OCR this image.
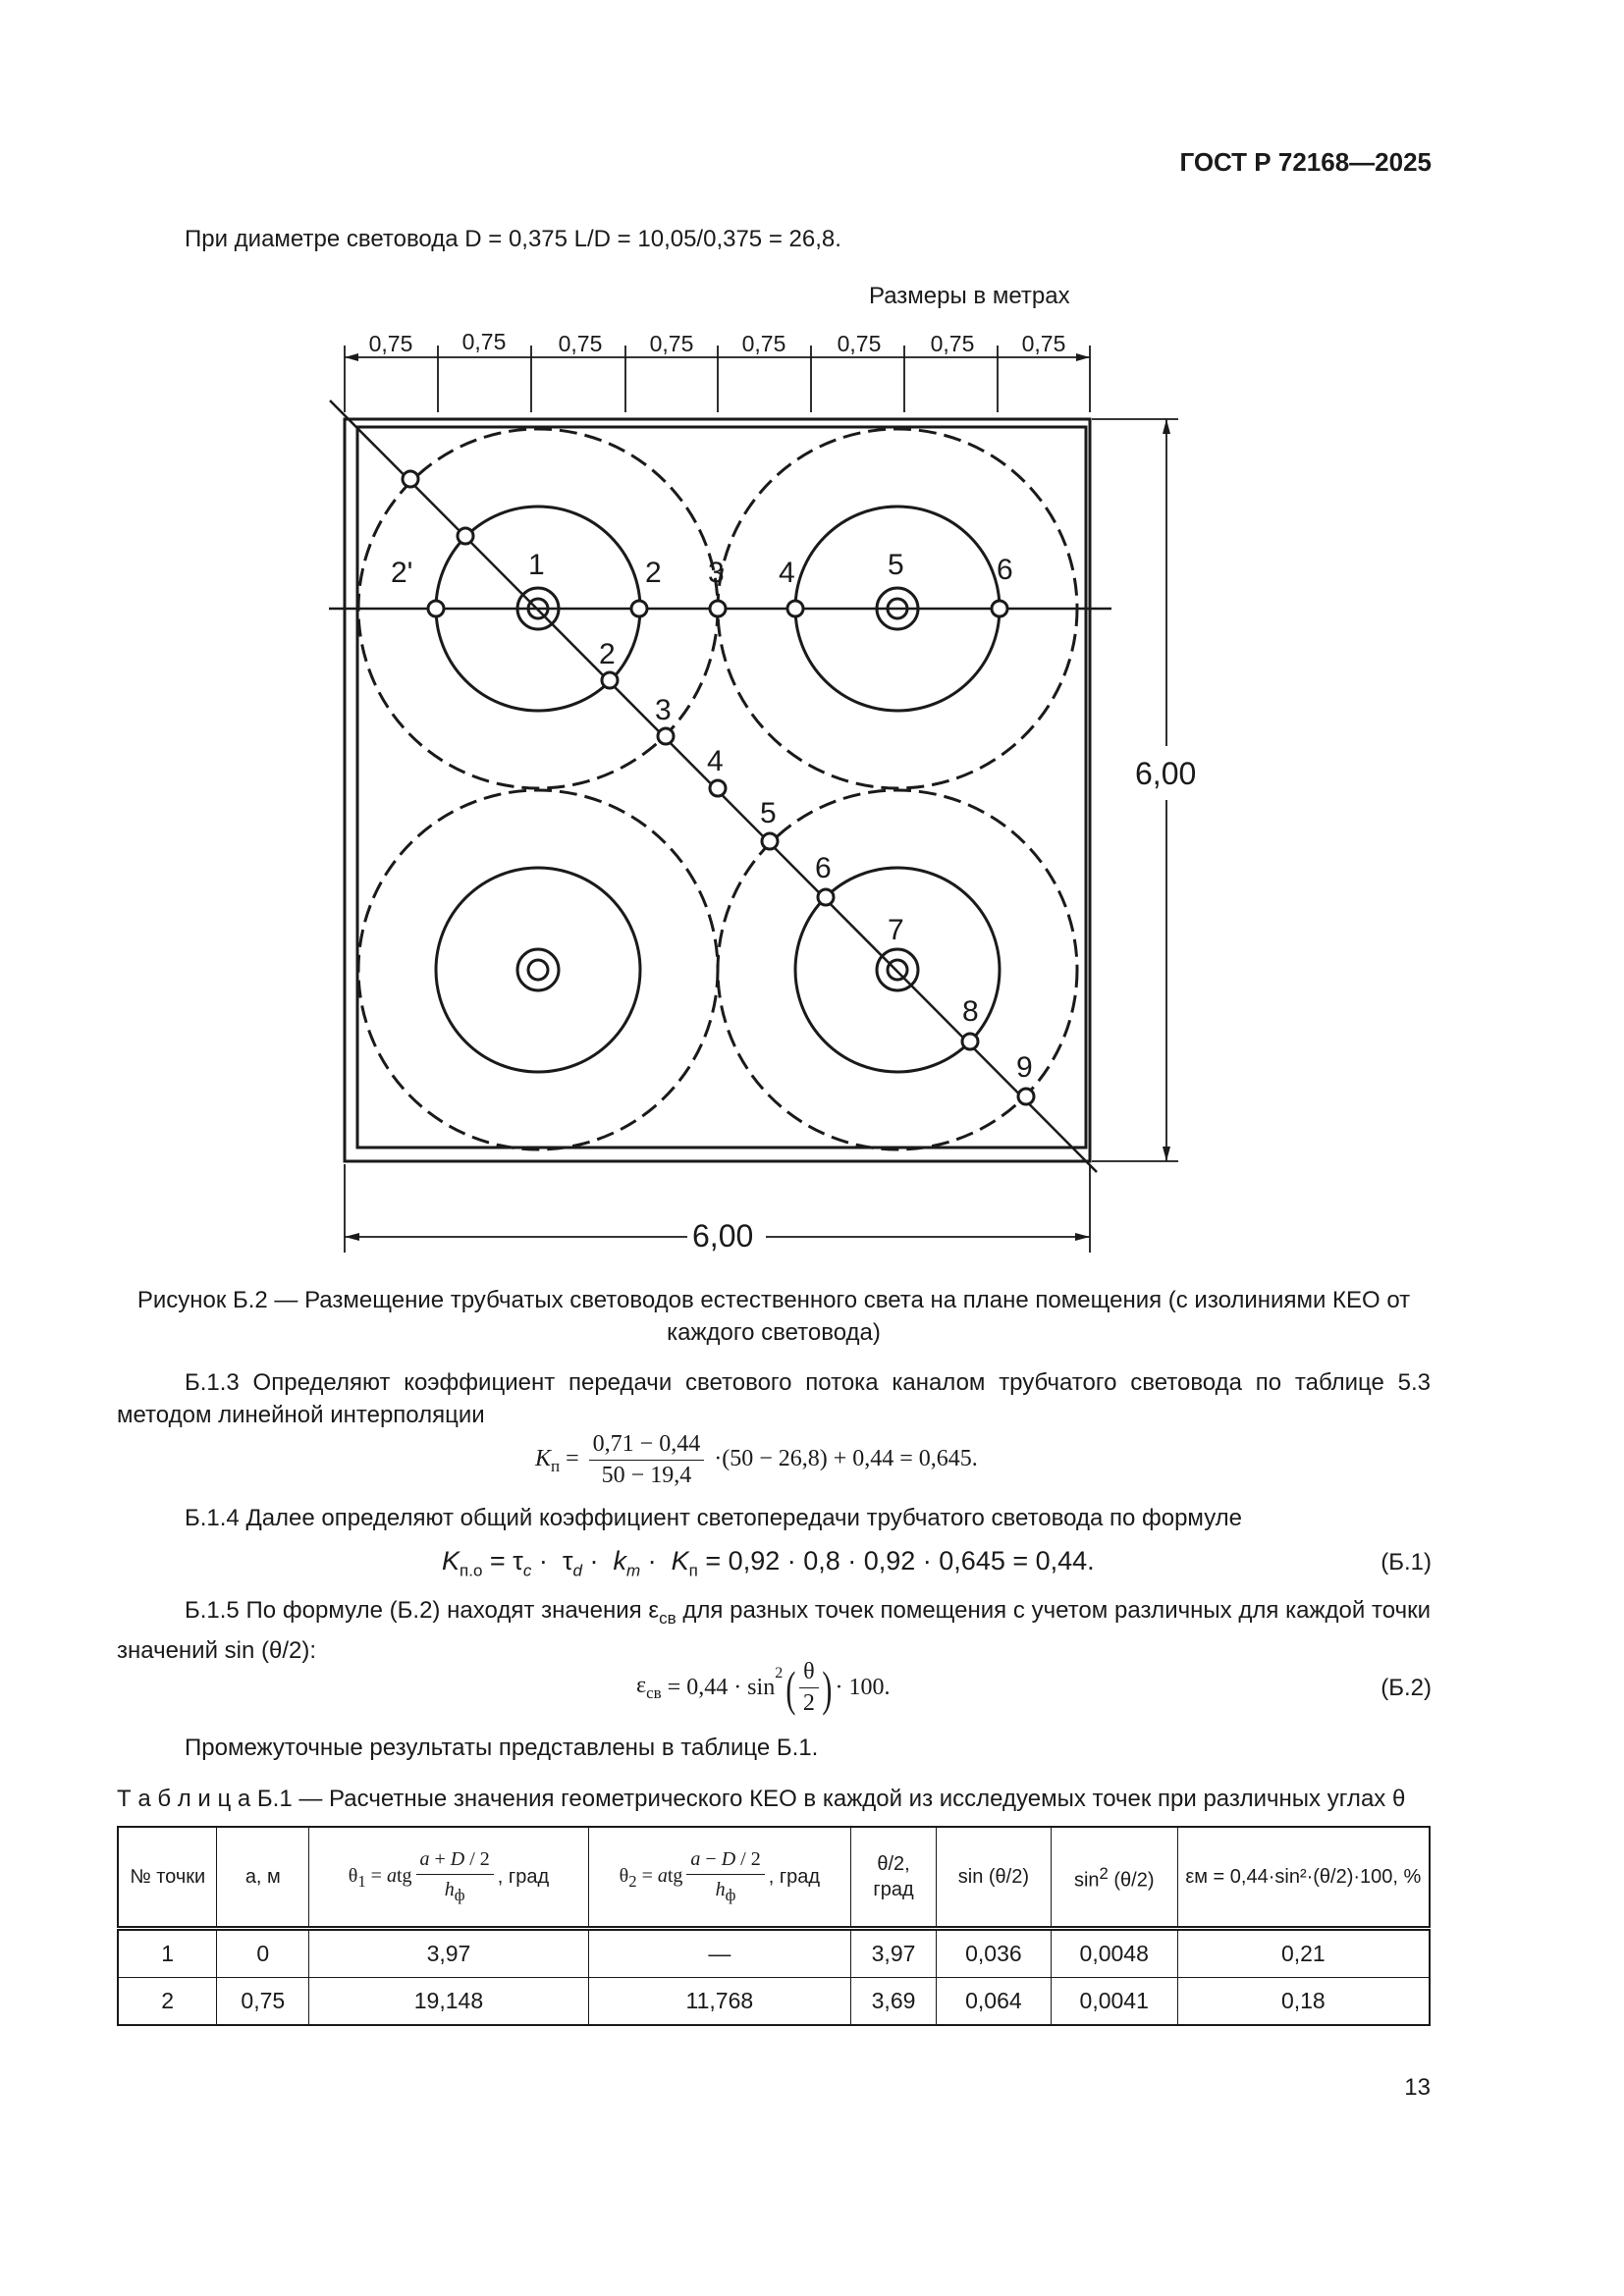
ГОСТ Р 72168—2025
При диаметре световода D = 0,375 L/D = 10,05/0,375 = 26,8.
Размеры в метрах
2'	1	2 3 4	5	6
2
3
4
5
6
7
8
9
0,75 0,75 0,75 0,75 0,75 0,75 0,75 0,75
6,00
6,00
Рисунок Б.2 — Размещение трубчатых световодов естественного света на плане помещения (с изолиниями КЕО от каждого световода)
Б.1.3 Определяют коэффициент передачи светового потока каналом трубчатого световода по таблице 5.3 методом линейной интерполяции
$K_п = \frac{0,71 - 0,44}{50 - 19,4} \cdot(50 - 26,8) + 0,44 = 0,645$.
Б.1.4 Далее определяют общий коэффициент светопередачи трубчатого световода по формуле
$K_{п.о} = \tau_c \cdot \tau_d \cdot k_m \cdot K_п = 0,92 \cdot 0,8 \cdot 0,92 \cdot 0,645 = 0,44$.	(Б.1)
Б.1.5 По формуле (Б.2) находят значения $\varepsilon_{св}$ для разных точек помещения с учетом различных для каждой точки значений sin (θ/2):
$\varepsilon_{св} = 0,44 \cdot \sin$
$^2$ ( $\frac{\theta}{2}$ ) · 100.	(Б.2)
Промежуточные результаты представлены в таблице Б.1.
Т а б л и ц а Б.1 — Расчетные значения геометрического КЕО в каждой из исследуемых точек при различных углах θ
№ точки	a, м	$\theta_1$ = atg $\frac{a + D / 2}{h_ф}$ , град	$\theta_2$ = atg $\frac{a - D / 2}{h_ф}$ , град	θ/2, град	sin (θ/2)	$\sin^2 (\theta/2)$	εм = 0,44·sin²·(θ/2)·100, %
1	0	3,97	—	3,97	0,036	0,0048	0,21
2	0,75	19,148	11,768	3,69	0,064	0,0041	0,18
13
